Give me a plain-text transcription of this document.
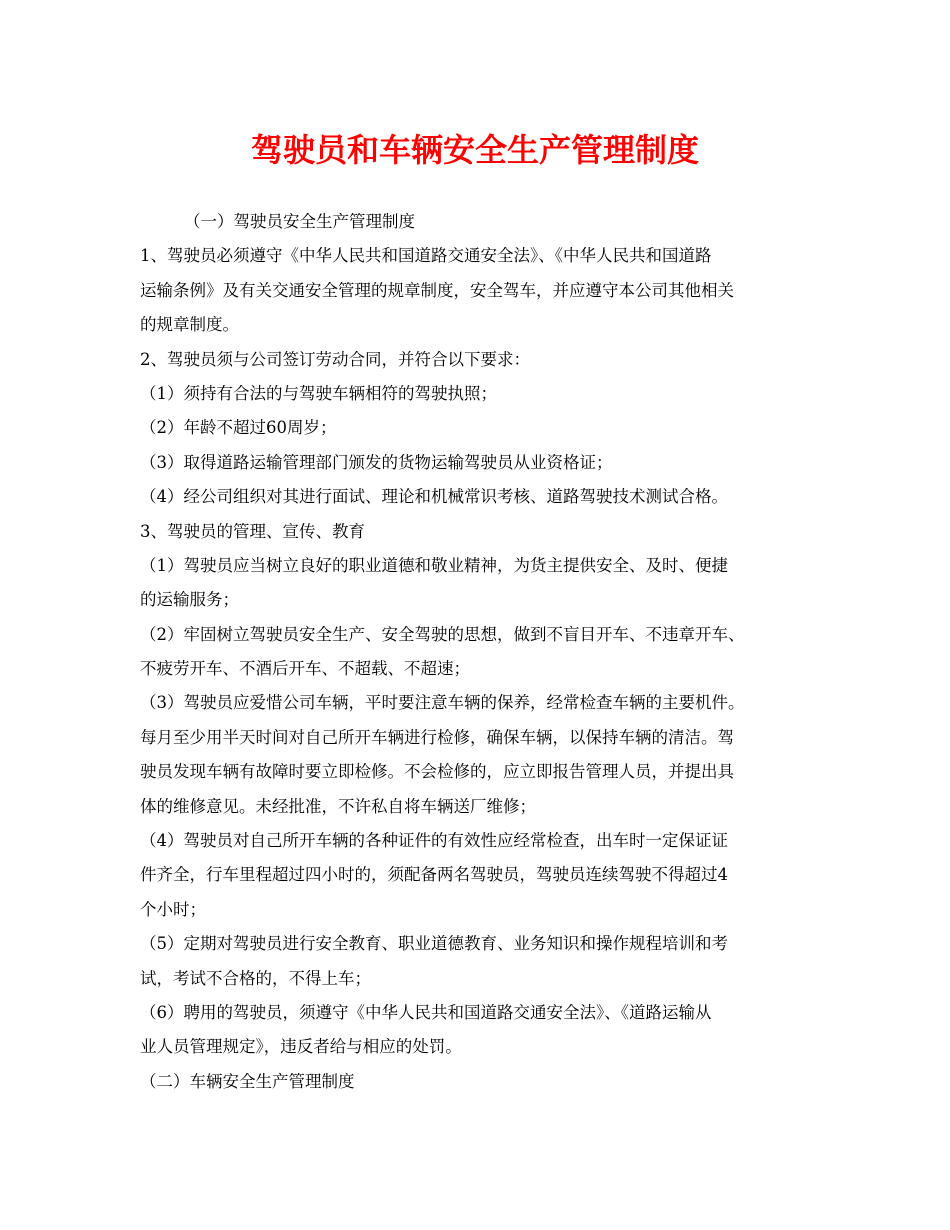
驾驶员和车辆安全生产管理制度
（一）驾驶员安全生产管理制度
1、驾驶员必须遵守《中华人民共和国道路交通安全法》、《中华人民共和国道路
运输条例》及有关交通安全管理的规章制度，安全驾车，并应遵守本公司其他相关
的规章制度。
2、驾驶员须与公司签订劳动合同，并符合以下要求：
（1）须持有合法的与驾驶车辆相符的驾驶执照；
（2）年龄不超过60周岁；
（3）取得道路运输管理部门颁发的货物运输驾驶员从业资格证；
（4）经公司组织对其进行面试、理论和机械常识考核、道路驾驶技术测试合格。
3、驾驶员的管理、宣传、教育
（1）驾驶员应当树立良好的职业道德和敬业精神，为货主提供安全、及时、便捷
的运输服务；
（2）牢固树立驾驶员安全生产、安全驾驶的思想，做到不盲目开车、不违章开车、
不疲劳开车、不酒后开车、不超载、不超速；
（3）驾驶员应爱惜公司车辆，平时要注意车辆的保养，经常检查车辆的主要机件。
每月至少用半天时间对自己所开车辆进行检修，确保车辆，以保持车辆的清洁。驾
驶员发现车辆有故障时要立即检修。不会检修的，应立即报告管理人员，并提出具
体的维修意见。未经批准，不许私自将车辆送厂维修；
（4）驾驶员对自己所开车辆的各种证件的有效性应经常检查，出车时一定保证证
件齐全，行车里程超过四小时的，须配备两名驾驶员，驾驶员连续驾驶不得超过4
个小时；
（5）定期对驾驶员进行安全教育、职业道德教育、业务知识和操作规程培训和考
试，考试不合格的，不得上车；
（6）聘用的驾驶员，须遵守《中华人民共和国道路交通安全法》、《道路运输从
业人员管理规定》，违反者给与相应的处罚。
（二）车辆安全生产管理制度
